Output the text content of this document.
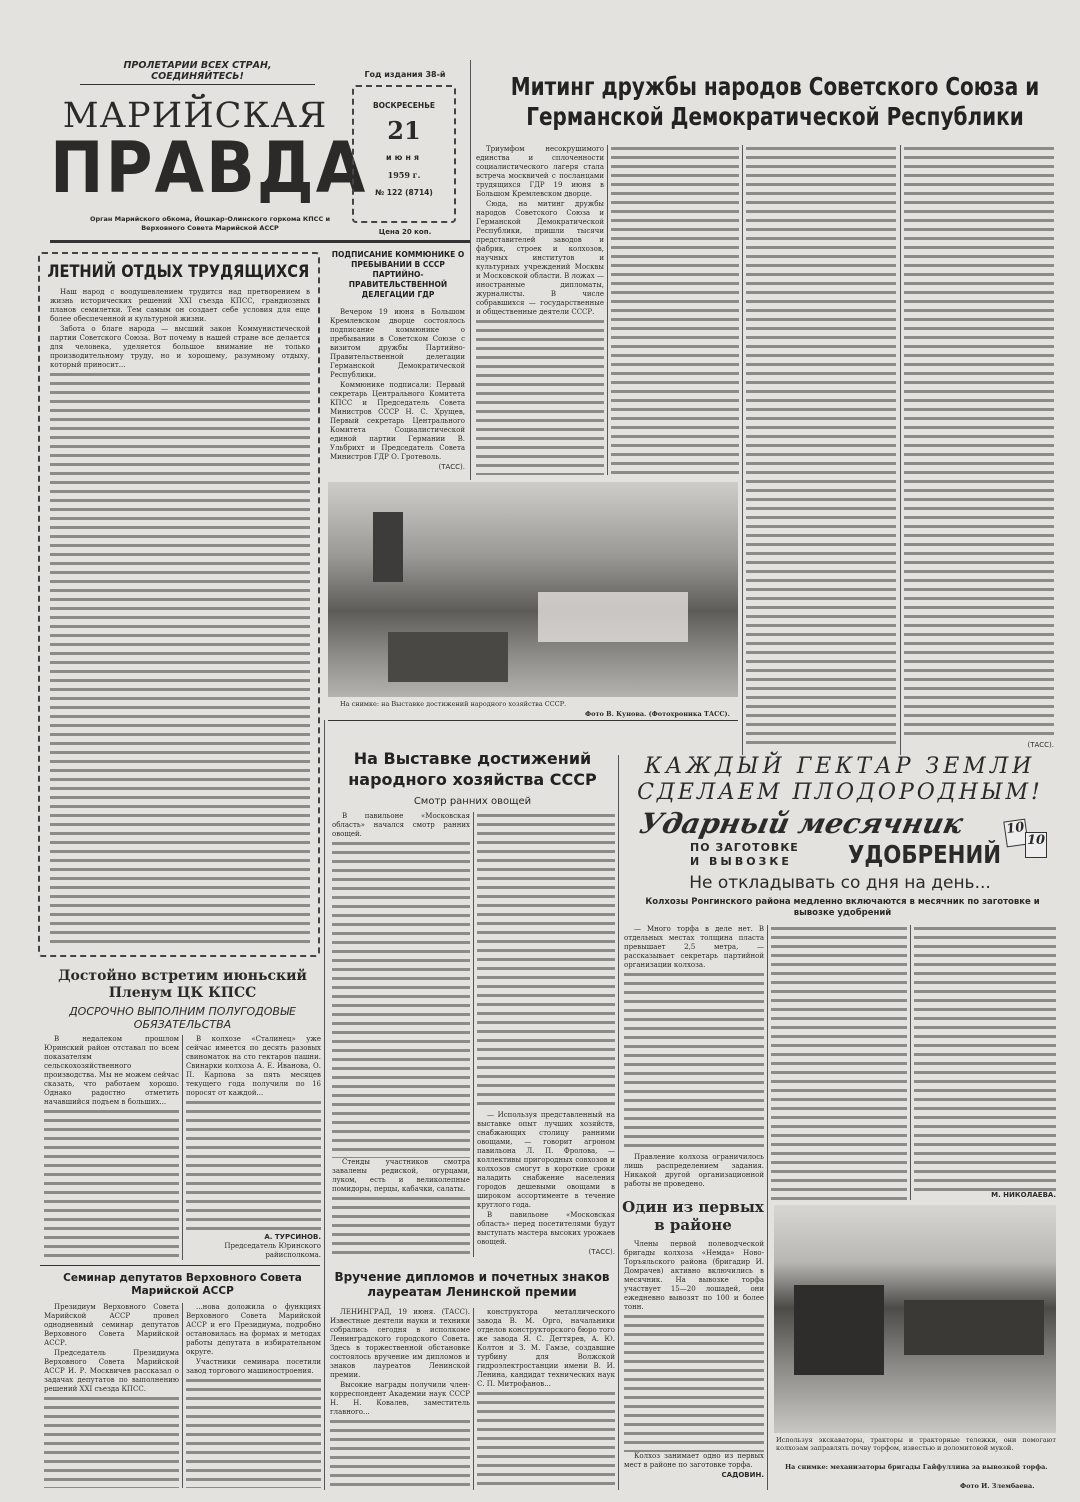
ПРОЛЕТАРИИ ВСЕХ СТРАН, СОЕДИНЯЙТЕСЬ!
МАРИЙСКАЯ
ПРАВДА
Орган Марийского обкома, Йошкар-Олинского горкома КПСС и Верховного Совета Марийской АССР
Год издания 38-й
ВОСКРЕСЕНЬЕ
21
июня
1959 г.
№ 122 (8714)
Цена 20 коп.
Митинг дружбы народов Советского Союза и Германской Демократической Республики
ПОДПИСАНИЕ КОММЮНИКЕ О ПРЕБЫВАНИИ В СССР ПАРТИЙНО-ПРАВИТЕЛЬСТВЕННОЙ ДЕЛЕГАЦИИ ГДР

Вечером 19 июня в Большом Кремлевском дворце состоялось подписание коммюнике о пребывании в Советском Союзе с визитом дружбы Партийно-Правительственной делегации Германской Демократической Республики.

Коммюнике подписали: Первый секретарь Центрального Комитета КПСС и Председатель Совета Министров СССР Н. С. Хрущев, Первый секретарь Центрального Комитета Социалистической единой партии Германии В. Ульбрихт и Председатель Совета Министров ГДР О. Гротеволь.

(ТАСС).

Триумфом несокрушимого единства и сплоченности социалистического лагеря стала встреча москвичей с посланцами трудящихся ГДР 19 июня в Большом Кремлевском дворце.

Сюда, на митинг дружбы народов Советского Союза и Германской Демократической Республики, пришли тысячи представителей заводов и фабрик, строек и колхозов, научных институтов и культурных учреждений Москвы и Московской области. В ложах — иностранные дипломаты, журналисты. В числе собравшихся — государственные и общественные деятели СССР.

(ТАСС).
ЛЕТНИЙ ОТДЫХ ТРУДЯЩИХСЯ

Наш народ с воодушевлением трудится над претворением в жизнь исторических решений XXI съезда КПСС, грандиозных планов семилетки. Тем самым он создает себе условия для еще более обеспеченной и культурной жизни.

Забота о благе народа — высший закон Коммунистической партии Советского Союза. Вот почему в нашей стране все делается для человека, уделяется большое внимание не только производительному труду, но и хорошему, разумному отдыху, который приносит...

На снимке: на Выставке достижений народного хозяйства СССР.
Фото В. Кунова. (Фотохроника ТАСС).
На Выставке достижений народного хозяйства СССР
Смотр ранних овощей

В павильоне «Московская область» начался смотр ранних овощей.

Стенды участников смотра завалены редиской, огурцами, луком, есть и великолепные помидоры, перцы, кабачки, салаты.

— Используя представленный на выставке опыт лучших хозяйств, снабжающих столицу ранними овощами, — говорит агроном павильона Л. П. Фролова, — коллективы пригородных совхозов и колхозов смогут в короткие сроки наладить снабжение населения городов дешевыми овощами в широком ассортименте в течение круглого года.

В павильоне «Московская область» перед посетителями будут выступать мастера высоких урожаев овощей.

(ТАСС).
КАЖДЫЙ ГЕКТАР ЗЕМЛИ
СДЕЛАЕМ ПЛОДОРОДНЫМ!
Ударный месячник
ПО ЗАГОТОВКЕ
И ВЫВОЗКЕ УДОБРЕНИЙ
10
10
Не откладывать со дня на день...
Колхозы Ронгинского района медленно включаются в месячник по заготовке и вывозке удобрений

— Много торфа в деле нет. В отдельных местах толщина пласта превышает 2,5 метра, — рассказывает секретарь партийной организации колхоза.

Правление колхоза ограничилось лишь распределением задания. Никакой другой организационной работы не проведено.

М. НИКОЛАЕВА.
Один из первых в районе

Члены первой полеводческой бригады колхоза «Немда» Ново-Торъяльского района (бригадир И. Домрачев) активно включились в месячник. На вывозке торфа участвует 15—20 лошадей, они ежедневно вывозят по 100 и более тонн.

Колхоз занимает одно из первых мест в районе по заготовке торфа.

САДОВИН.
Используя экскаваторы, тракторы и тракторные тележки, они помогают колхозам заправлять почву торфом, известью и доломитовой мукой.
На снимке: механизаторы бригады Гайфуллина за вывозкой торфа.
Фото И. Злембаева.
Достойно встретим июньский Пленум ЦК КПСС
ДОСРОЧНО ВЫПОЛНИМ ПОЛУГОДОВЫЕ ОБЯЗАТЕЛЬСТВА

В недалеком прошлом Юринский район отставал по всем показателям сельскохозяйственного производства. Мы не можем сейчас сказать, что работаем хорошо. Однако радостно отметить начавшийся подъем в больших...

В колхозе «Сталинец» уже сейчас имеется по десять разовых свиноматок на сто гектаров пашни. Свинарки колхоза А. Е. Иванова, О. П. Карпова за пять месяцев текущего года получили по 16 поросят от каждой...

А. ТУРСИНОВ.
Председатель Юринского райисполкома.
Семинар депутатов Верховного Совета Марийской АССР

Президиум Верховного Совета Марийской АССР провел однодневный семинар депутатов Верховного Совета Марийской АССР.

Председатель Президиума Верховного Совета Марийской АССР И. Р. Москвичев рассказал о задачах депутатов по выполнению решений XXI съезда КПСС.

...нова доложила о функциях Верховного Совета Марийской АССР и его Президиума, подробно остановилась на формах и методах работы депутата в избирательном округе.

Участники семинара посетили завод торгового машиностроения.

Вручение дипломов и почетных знаков лауреатам Ленинской премии

ЛЕНИНГРАД, 19 июня. (ТАСС). Известные деятели науки и техники собрались сегодня в исполкоме Ленинградского городского Совета. Здесь в торжественной обстановке состоялось вручение им дипломов и знаков лауреатов Ленинской премии.

Высокие награды получили член-корреспондент Академии наук СССР Н. Н. Ковалев, заместитель главного...

конструктора металлического завода В. М. Орго, начальники отделов конструкторского бюро того же завода Я. С. Дегтярев, А. Ю. Колтон и З. М. Гамзе, создавшие турбину для Волжской гидроэлектростанции имени В. И. Ленина, кандидат технических наук С. П. Митрофанов...
